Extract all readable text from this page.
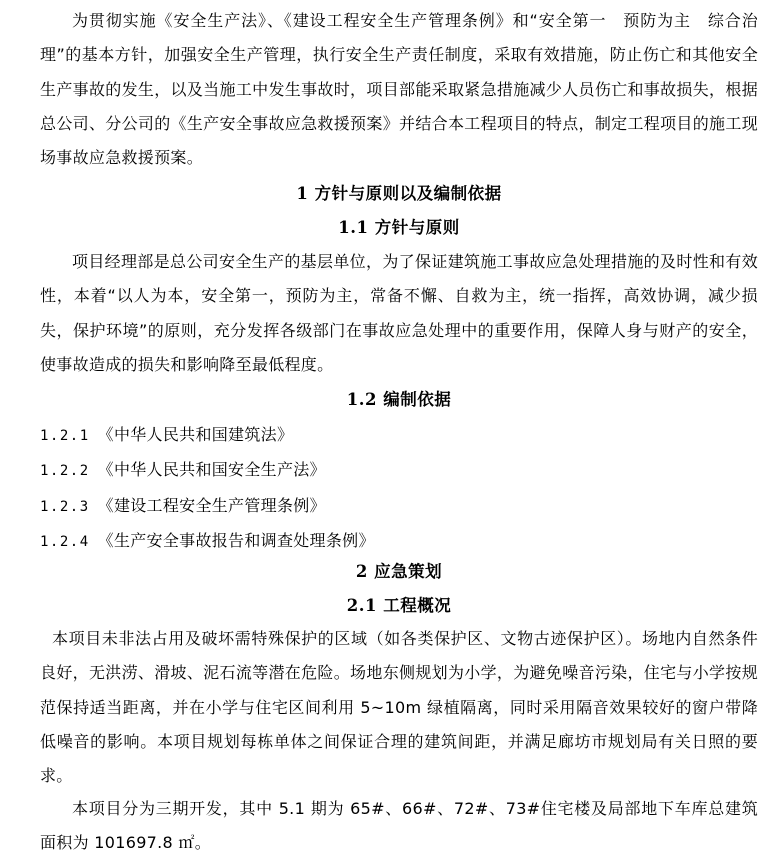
为贯彻实施《安全生产法》、《建设工程安全生产管理条例》和“安全第一　预防为主　综合治理”的基本方针，加强安全生产管理，执行安全生产责任制度，采取有效措施，防止伤亡和其他安全生产事故的发生，以及当施工中发生事故时，项目部能采取紧急措施减少人员伤亡和事故损失，根据总公司、分公司的《生产安全事故应急救援预案》并结合本工程项目的特点，制定工程项目的施工现场事故应急救援预案。

1 方针与原则以及编制依据
1.1 方针与原则

项目经理部是总公司安全生产的基层单位，为了保证建筑施工事故应急处理措施的及时性和有效性，本着“以人为本，安全第一，预防为主，常备不懈、自救为主，统一指挥，高效协调，减少损失，保护环境”的原则，充分发挥各级部门在事故应急处理中的重要作用，保障人身与财产的安全，使事故造成的损失和影响降至最低程度。

1.2 编制依据
1.2.1 《中华人民共和国建筑法》
1.2.2 《中华人民共和国安全生产法》
1.2.3 《建设工程安全生产管理条例》
1.2.4 《生产安全事故报告和调查处理条例》
2 应急策划
2.1 工程概况

本项目未非法占用及破坏需特殊保护的区域（如各类保护区、文物古迹保护区）。场地内自然条件良好，无洪涝、滑坡、泥石流等潜在危险。场地东侧规划为小学，为避免噪音污染，住宅与小学按规范保持适当距离，并在小学与住宅区间利用 5~10m 绿植隔离，同时采用隔音效果较好的窗户带降低噪音的影响。本项目规划每栋单体之间保证合理的建筑间距，并满足廊坊市规划局有关日照的要求。

本项目分为三期开发，其中 5.1 期为 65#、66#、72#、73#住宅楼及局部地下车库总建筑面积为 101697.8 ㎡。
